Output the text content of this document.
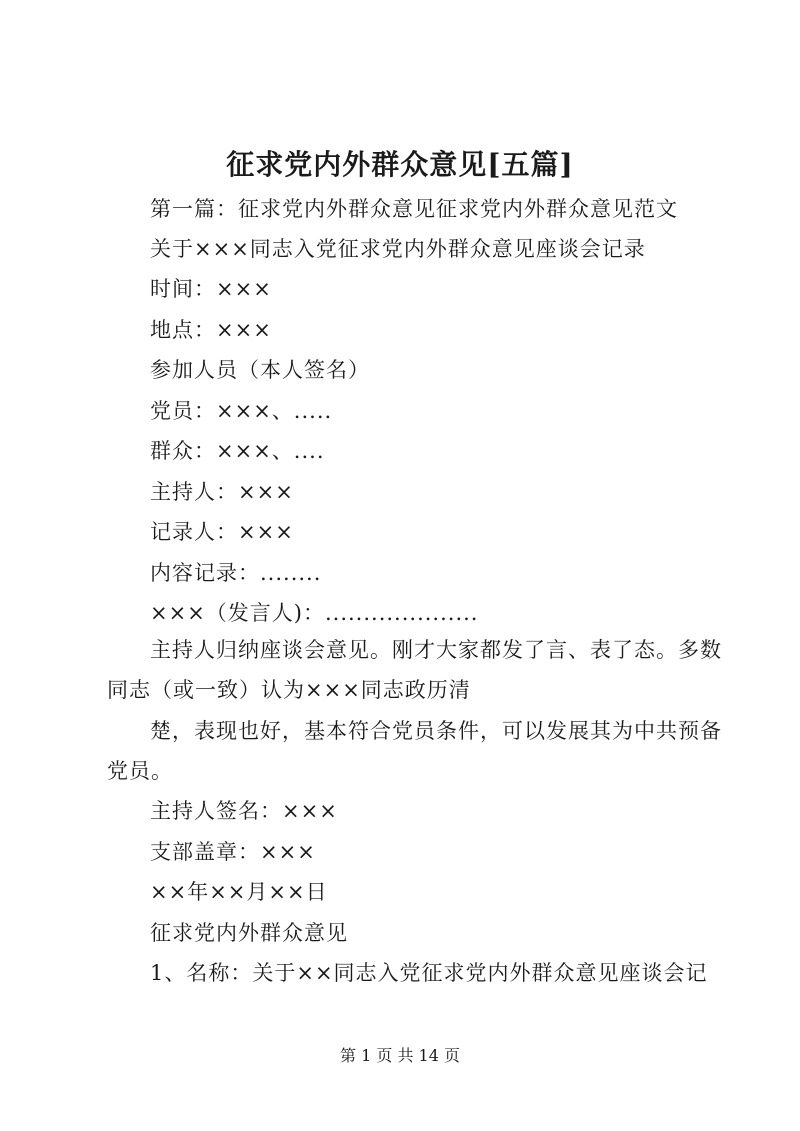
征求党内外群众意见[五篇]
第一篇：征求党内外群众意见征求党内外群众意见范文
关于×××同志入党征求党内外群众意见座谈会记录
时间：×××
地点：×××
参加人员（本人签名）
党员：×××、.....
群众：×××、....
主持人：×××
记录人：×××
内容记录：........
×××（发言人)：....................
主持人归纳座谈会意见。刚才大家都发了言、表了态。多数
同志（或一致）认为×××同志政历清
楚，表现也好，基本符合党员条件，可以发展其为中共预备
党员。
主持人签名：×××
支部盖章：×××
××年××月××日
征求党内外群众意见
1、名称：关于××同志入党征求党内外群众意见座谈会记
第 1 页 共 14 页
